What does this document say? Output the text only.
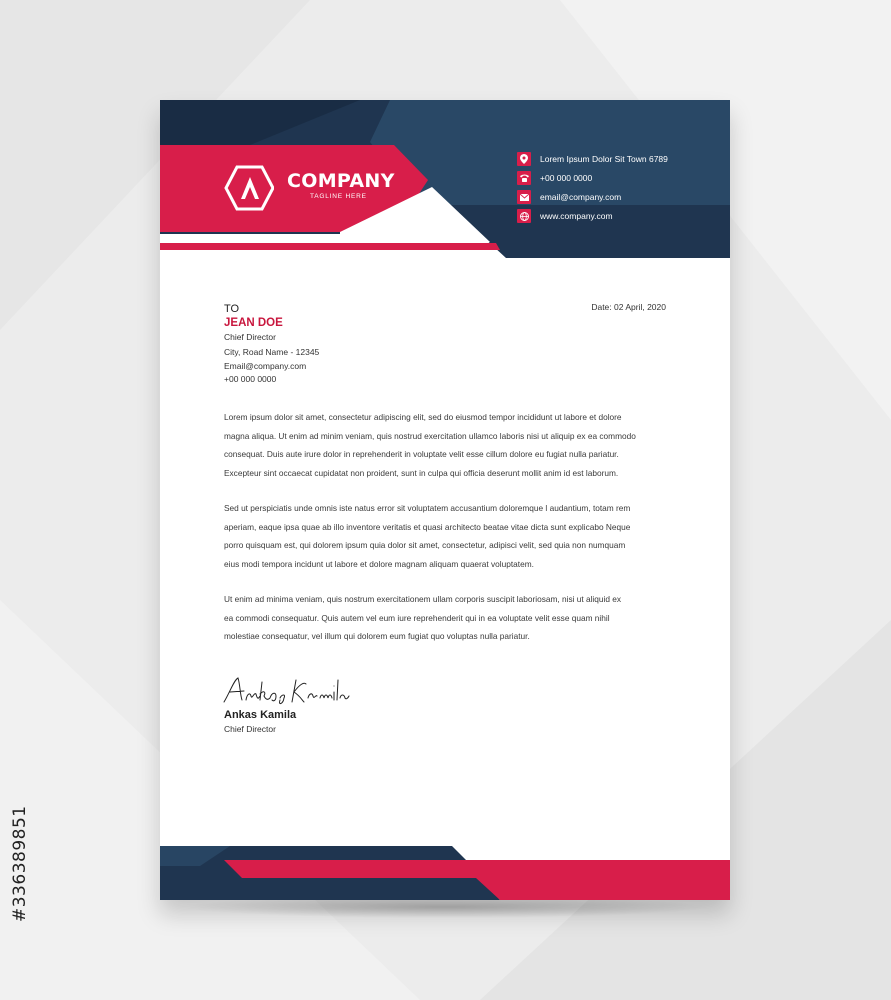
#336389851
COMPANY
TAGLINE HERE
Lorem Ipsum Dolor Sit Town 6789
+00 000 0000
email@company.com
www.company.com
TO
JEAN DOE
Chief Director
City, Road Name - 12345
Email@company.com
+00 000 0000
Date: 02 April, 2020

Lorem ipsum dolor sit amet, consectetur adipiscing elit, sed do eiusmod tempor incididunt ut labore et dolore
magna aliqua. Ut enim ad minim veniam, quis nostrud exercitation ullamco laboris nisi ut aliquip ex ea commodo
consequat. Duis aute irure dolor in reprehenderit in voluptate velit esse cillum dolore eu fugiat nulla pariatur.
Excepteur sint occaecat cupidatat non proident, sunt in culpa qui officia deserunt mollit anim id est laborum.

Sed ut perspiciatis unde omnis iste natus error sit voluptatem accusantium doloremque l audantium, totam rem
aperiam, eaque ipsa quae ab illo inventore veritatis et quasi architecto beatae vitae dicta sunt explicabo Neque
porro quisquam est, qui dolorem ipsum quia dolor sit amet, consectetur, adipisci velit, sed quia non numquam
eius modi tempora incidunt ut labore et dolore magnam aliquam quaerat voluptatem.

Ut enim ad minima veniam, quis nostrum exercitationem ullam corporis suscipit laboriosam, nisi ut aliquid ex
ea commodi consequatur. Quis autem vel eum iure reprehenderit qui in ea voluptate velit esse quam nihil
molestiae consequatur, vel illum qui dolorem eum fugiat quo voluptas nulla pariatur.

Ankas Kamila
Chief Director
